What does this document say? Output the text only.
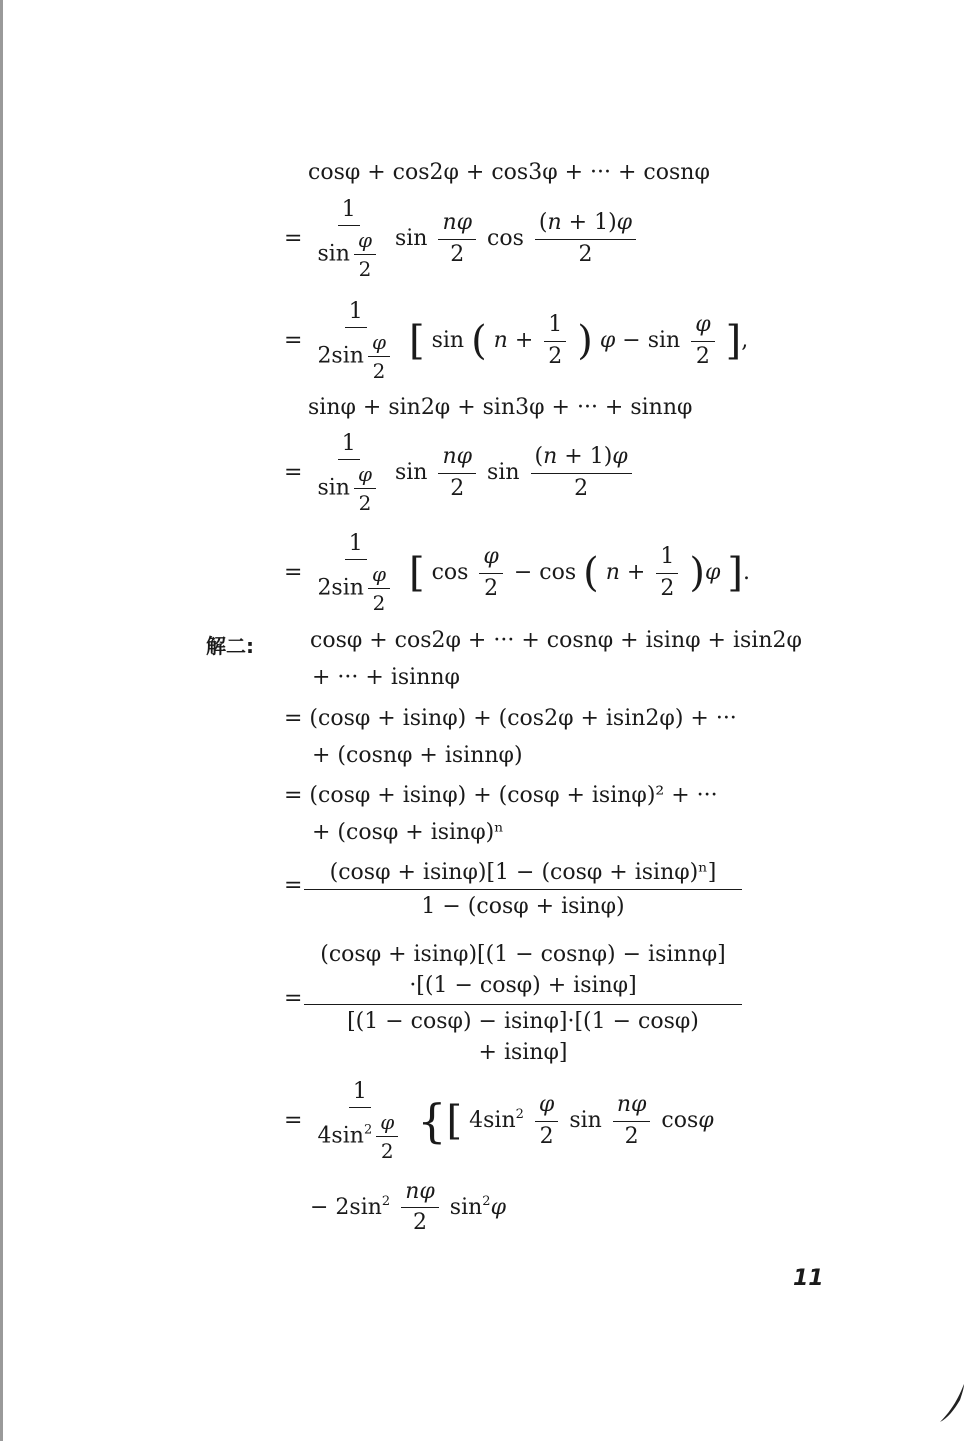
cosφ + cos2φ + cos3φ + ··· + cosnφ
= $\frac{1}{\sin \frac{\varphi}{2}}$ $\sin \frac{n\varphi}{2}$ $\cos \frac{(n + 1)\varphi}{2}$
= $\frac{1}{2\sin \frac{\varphi}{2}}$ [ sin ( $n + \frac{1}{2}$ ) $\varphi - \sin \frac{\varphi}{2}$ ],
sinφ + sin2φ + sin3φ + ··· + sinnφ
= $\frac{1}{\sin \frac{\varphi}{2}}$ $\sin \frac{n\varphi}{2}$ $\sin \frac{(n + 1)\varphi}{2}$
= $\frac{1}{2\sin \frac{\varphi}{2}}$ [ $\cos \frac{\varphi}{2} - \cos$ ( $n + \frac{1}{2} )\varphi$ ].
解二:	cosφ + cos2φ + ··· + cosnφ + isinφ + isin2φ
+ ··· + isinnφ
= (cosφ + isinφ) + (cos2φ + isin2φ) + ···
+ (cosnφ + isinnφ)
= (cosφ + isinφ) + (cosφ + isinφ)² + ···
+ (cosφ + isinφ)ⁿ
= $\frac{\text{(cosφ + isinφ)[1 − (cosφ + isinφ)ⁿ]}}{1 - (\cos\varphi + isin\varphi)}$
=
(cosφ + isinφ)[(1 − cosnφ) − isinnφ]
·[(1 − cosφ) + isinφ]
[(1 − cosφ) − isinφ]·[(1 − cosφ)
+ isinφ]
= $\frac{1}{4\sin^2 \frac{\varphi}{2}}$ {[ $4\sin^2 \frac{\varphi}{2}$ $\sin \frac{n\varphi}{2}$ cosφ
− $2\sin^2 \frac{n\varphi}{2} \sin^2\varphi$
11
